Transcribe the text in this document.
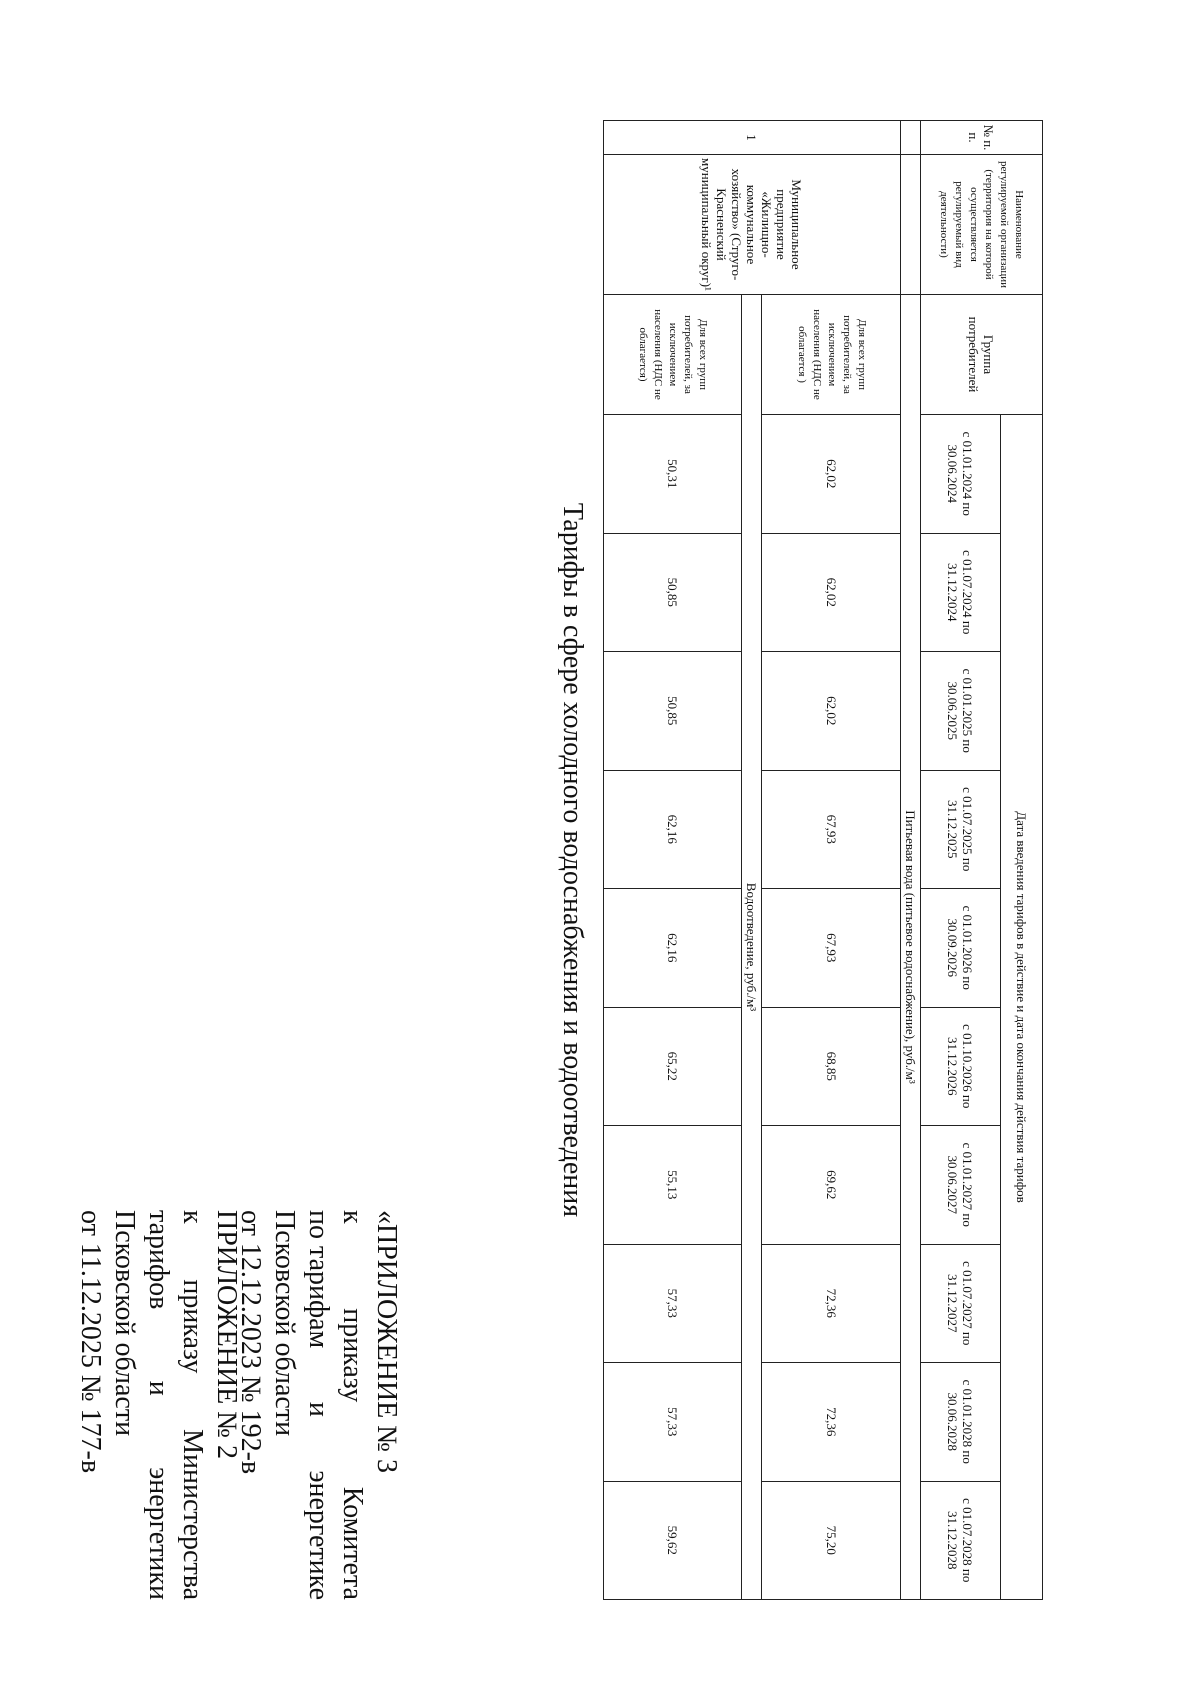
№ п. п.	Наименование регулируемой организации (территория на которой осуществляется регулируемый вид деятельности)	Группа потребителей	Дата введения тарифов в действие и дата окончания действия тарифов									
			с 01.01.2024 по 30.06.2024	с 01.07.2024 по 31.12.2024	с 01.01.2025 по 30.06.2025	с 01.07.2025 по 31.12.2025	с 01.01.2026 по 30.09.2026	с 01.10.2026 по 31.12.2026	с 01.01.2027 по 30.06.2027	с 01.07.2027 по 31.12.2027	с 01.01.2028 по 30.06.2028	с 01.07.2028 по 31.12.2028
		Питьевая вода (питьевое водоснабжение), руб./м³										
1	Муниципальное предприятие «Жилищно-коммунальное хозяйство» (Струго-Красненский муниципальный округ)¹	Для всех групп потребителей, за исключением населения (НДС не облагается )	62,02	62,02	62,02	67,93	67,93	68,85	69,62	72,36	72,36	75,20
		Водоотведение, руб./м³										
		Для всех групп потребителей, за исключением населения (НДС не облагается)	50,31	50,85	50,85	62,16	62,16	65,22	55,13	57,33	57,33	59,62
Тарифы в сфере холодного водоснабжения и водоотведения
ПРИЛОЖЕНИЕ № 2
к
приказу
Министерства
тарифов
и
энергетики
Псковской области
от 11.12.2025 № 177-в	«ПРИЛОЖЕНИЕ № 3
к
приказу
Комитета
по тарифам
и
энергетике
Псковской области
от 12.12.2023 № 192-в
